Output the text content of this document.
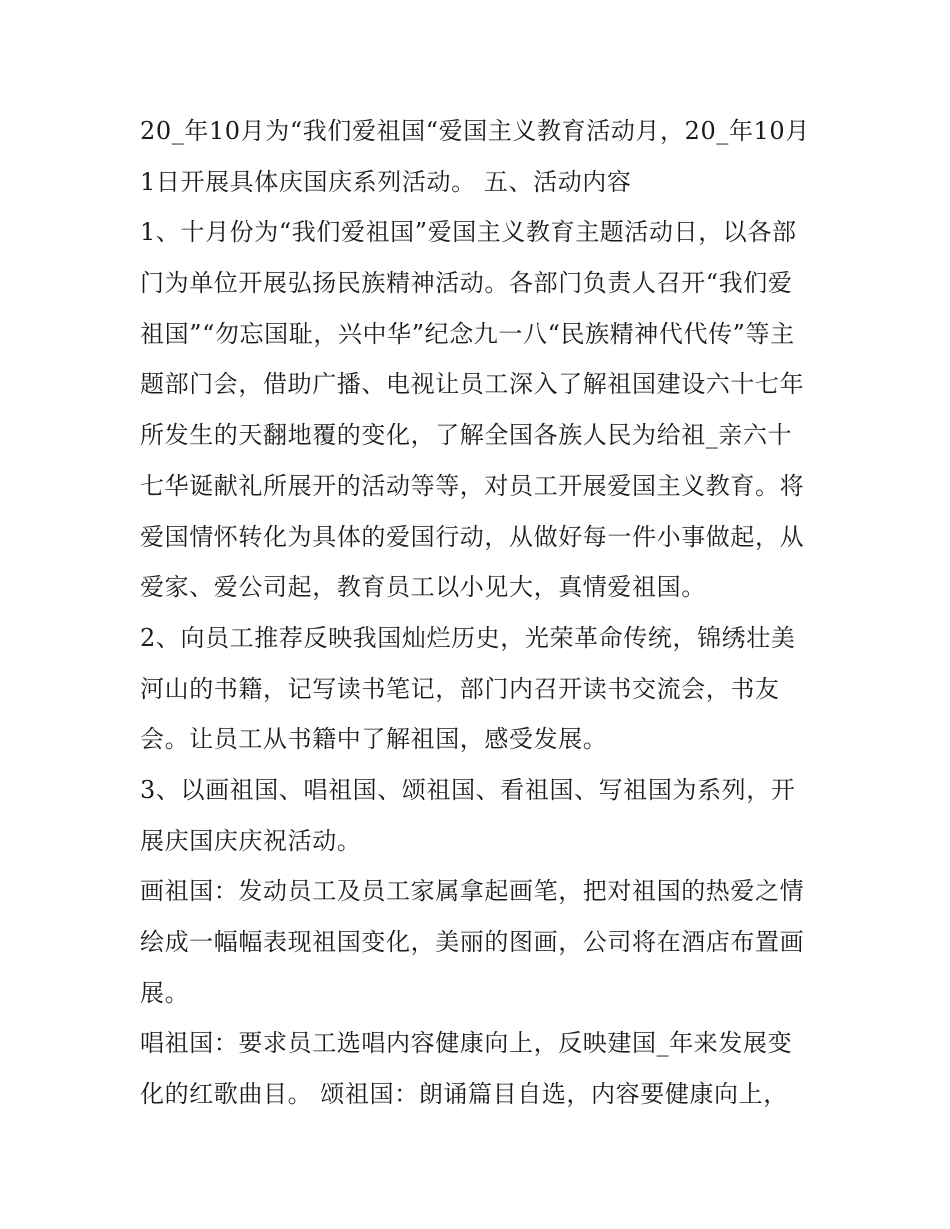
20_年10月为“我们爱祖国“爱国主义教育活动月，20_年10月
1日开展具体庆国庆系列活动。 五、活动内容
1、十月份为“我们爱祖国”爱国主义教育主题活动日，以各部
门为单位开展弘扬民族精神活动。各部门负责人召开“我们爱
祖国”“勿忘国耻，兴中华”纪念九一八“民族精神代代传”等主
题部门会，借助广播、电视让员工深入了解祖国建设六十七年
所发生的天翻地覆的变化，了解全国各族人民为给祖_亲六十
七华诞献礼所展开的活动等等，对员工开展爱国主义教育。将
爱国情怀转化为具体的爱国行动，从做好每一件小事做起，从
爱家、爱公司起，教育员工以小见大，真情爱祖国。
2、向员工推荐反映我国灿烂历史，光荣革命传统，锦绣壮美
河山的书籍，记写读书笔记，部门内召开读书交流会，书友
会。让员工从书籍中了解祖国，感受发展。
3、以画祖国、唱祖国、颂祖国、看祖国、写祖国为系列，开
展庆国庆庆祝活动。
画祖国：发动员工及员工家属拿起画笔，把对祖国的热爱之情
绘成一幅幅表现祖国变化，美丽的图画，公司将在酒店布置画
展。
唱祖国：要求员工选唱内容健康向上，反映建国_年来发展变
化的红歌曲目。 颂祖国：朗诵篇目自选，内容要健康向上，
